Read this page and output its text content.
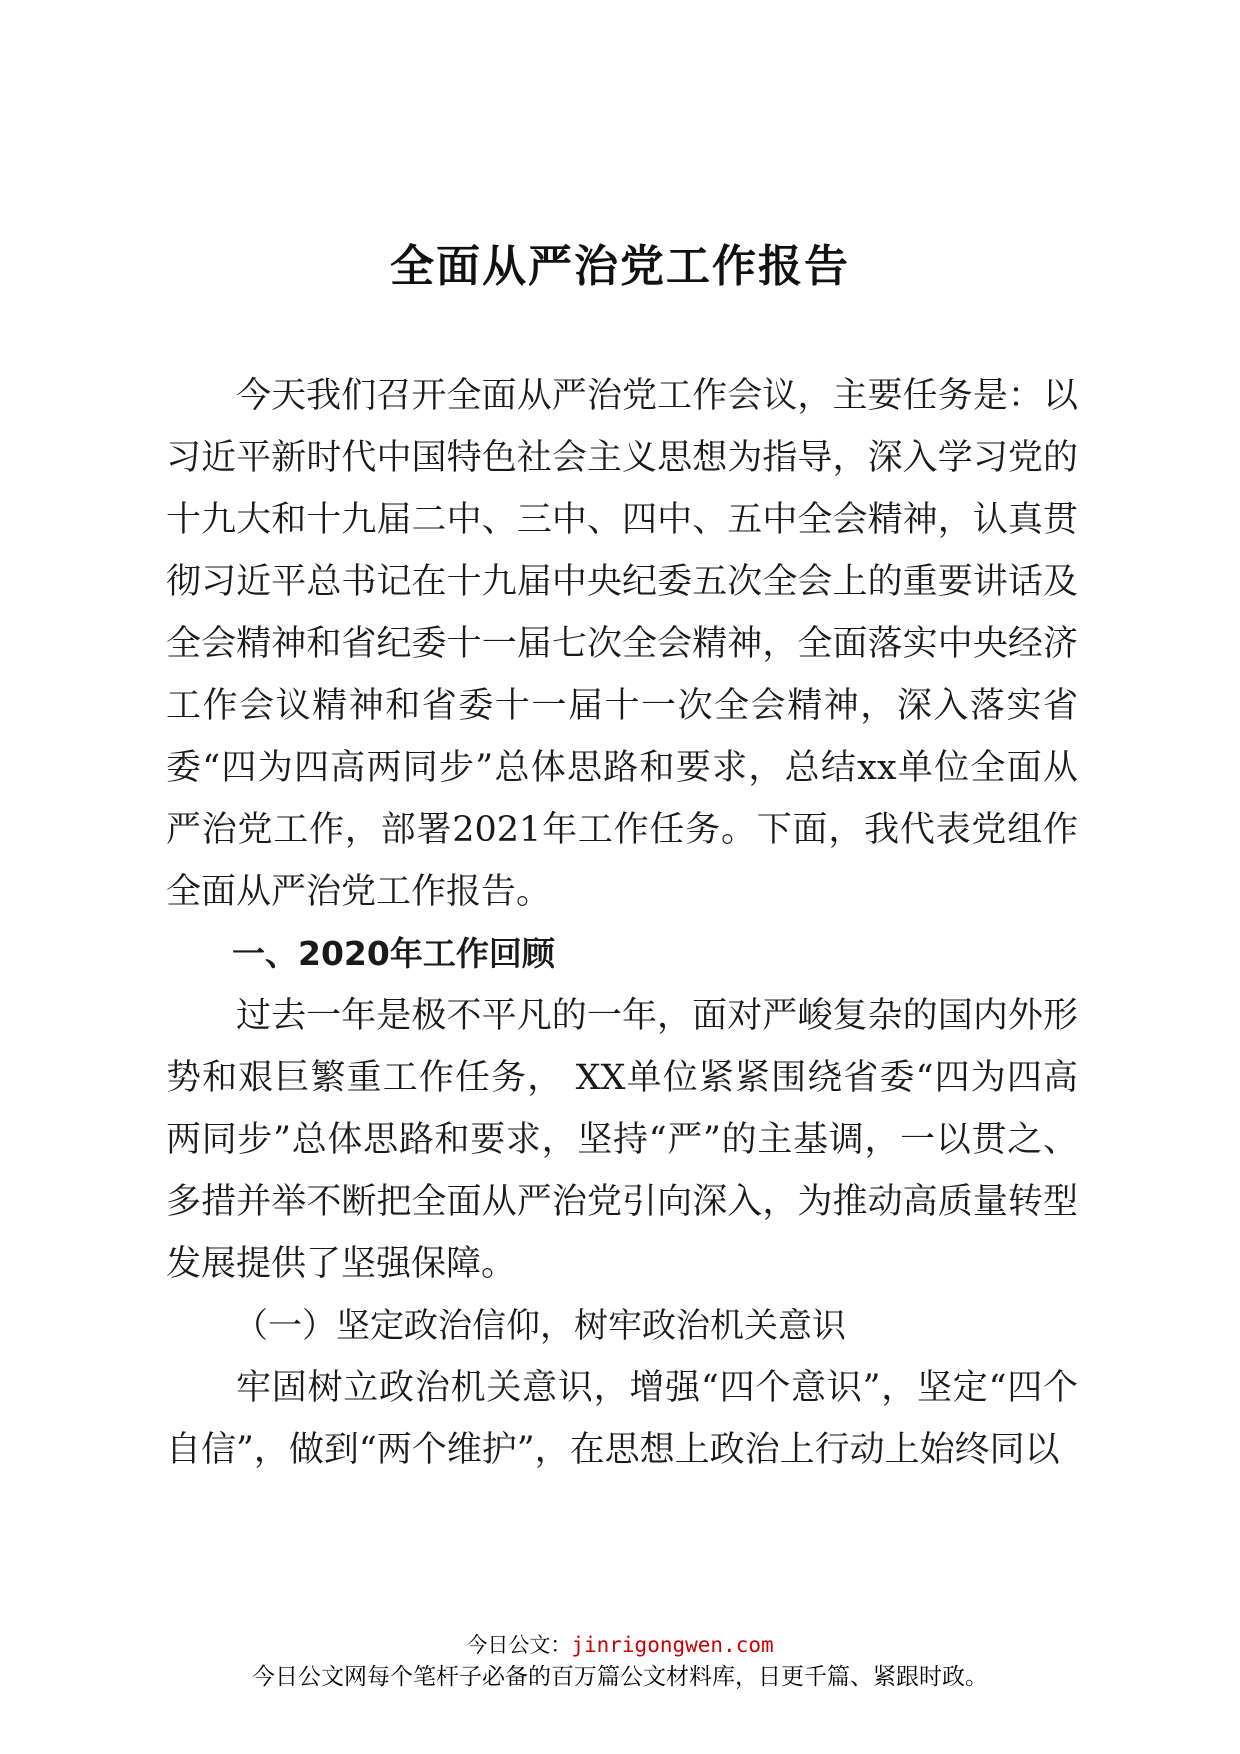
全面从严治党工作报告

今天我们召开全面从严治党工作会议，主要任务是：以习近平新时代中国特色社会主义思想为指导，深入学习党的十九大和十九届二中、三中、四中、五中全会精神，认真贯彻习近平总书记在十九届中央纪委五次全会上的重要讲话及全会精神和省纪委十一届七次全会精神，全面落实中央经济工作会议精神和省委十一届十一次全会精神，深入落实省委“四为四高两同步”总体思路和要求，总结xx单位全面从严治党工作，部署2021年工作任务。下面，我代表党组作全面从严治党工作报告。

一、2020年工作回顾

过去一年是极不平凡的一年，面对严峻复杂的国内外形势和艰巨繁重工作任务， XX单位紧紧围绕省委“四为四高两同步”总体思路和要求，坚持“严”的主基调，一以贯之、多措并举不断把全面从严治党引向深入，为推动高质量转型发展提供了坚强保障。

（一）坚定政治信仰，树牢政治机关意识

牢固树立政治机关意识，增强“四个意识”，坚定“四个自信”，做到“两个维护”，在思想上政治上行动上始终同以

今日公文：jinrigongwen.com
今日公文网每个笔杆子必备的百万篇公文材料库，日更千篇、紧跟时政。
